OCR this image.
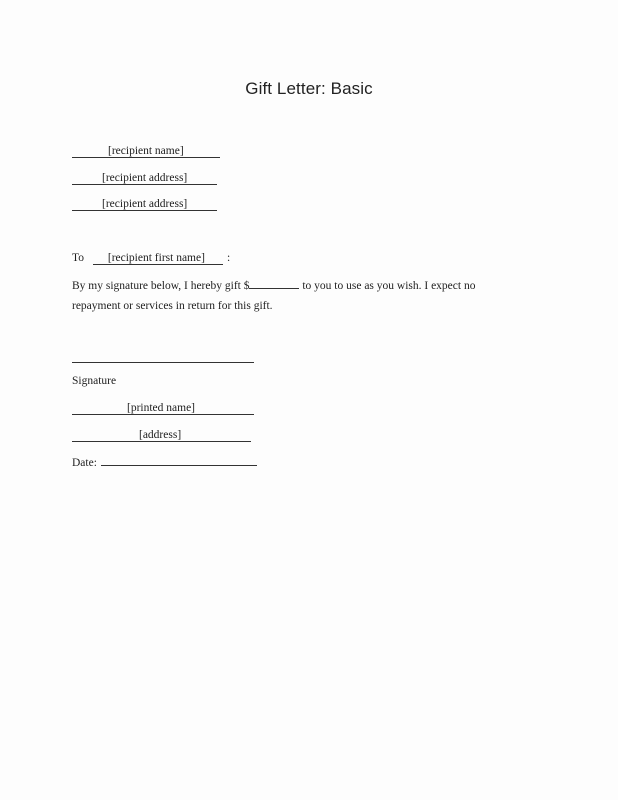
Gift Letter: Basic
[recipient name]
[recipient address]
[recipient address]
To [recipient first name] :
By my signature below, I hereby gift $	to you to use as you wish. I expect no
repayment or services in return for this gift.
Signature
[printed name]
[address]
Date:
